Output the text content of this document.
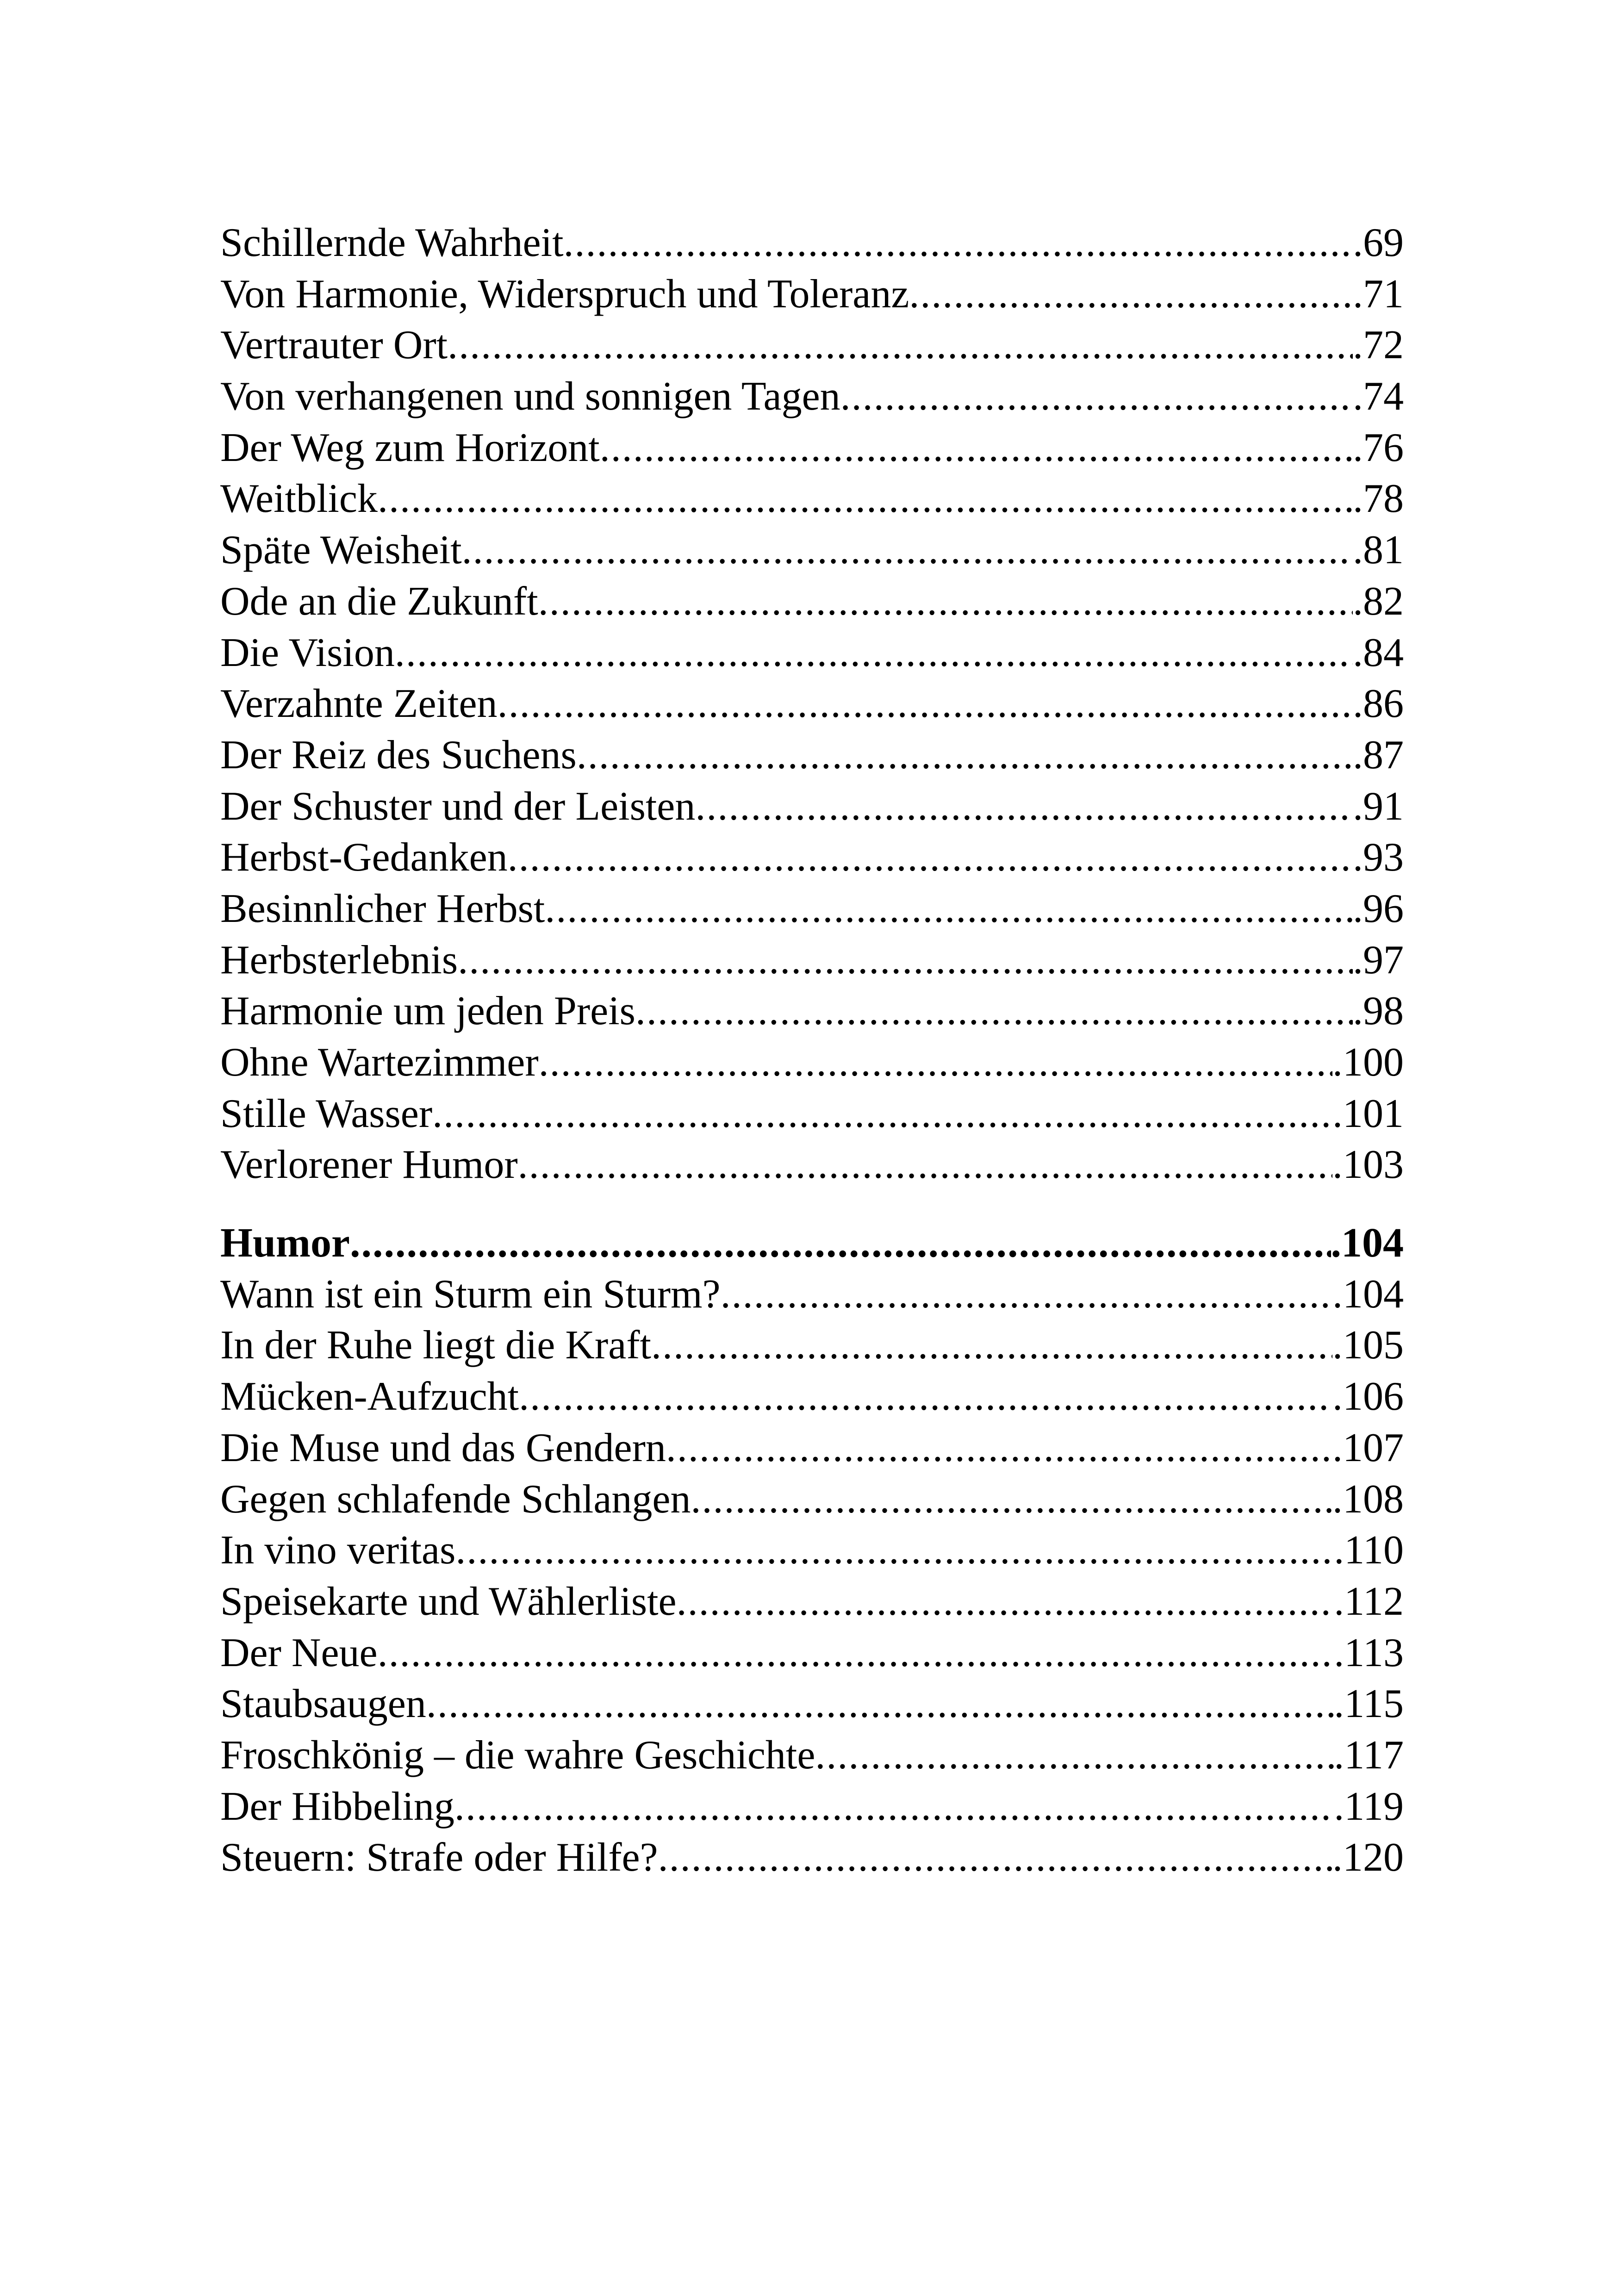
Schillernde Wahrheit .....	.69
Von Harmonie, Widerspruch und Toleranz .....	.71
Vertrauter Ort .....	.72
Von verhangenen und sonnigen Tagen .....	.74
Der Weg zum Horizont .....	.76
Weitblick .....	.78
Späte Weisheit .....	.81
Ode an die Zukunft .....	.82
Die Vision .....	.84
Verzahnte Zeiten .....	.86
Der Reiz des Suchens .....	.87
Der Schuster und der Leisten .....	.91
Herbst-Gedanken .....	.93
Besinnlicher Herbst .....	.96
Herbsterlebnis .....	.97
Harmonie um jeden Preis .....	.98
Ohne Wartezimmer .....	.100
Stille Wasser .....	.101
Verlorener Humor .....	.103
Humor .....	.104
Wann ist ein Sturm ein Sturm? .....	.104
In der Ruhe liegt die Kraft .....	.105
Mücken-Aufzucht .....	.106
Die Muse und das Gendern .....	.107
Gegen schlafende Schlangen .....	.108
In vino veritas .....	.110
Speisekarte und Wählerliste .....	.112
Der Neue .....	.113
Staubsaugen .....	.115
Froschkönig – die wahre Geschichte .....	.117
Der Hibbeling .....	.119
Steuern: Strafe oder Hilfe? .....	.120
